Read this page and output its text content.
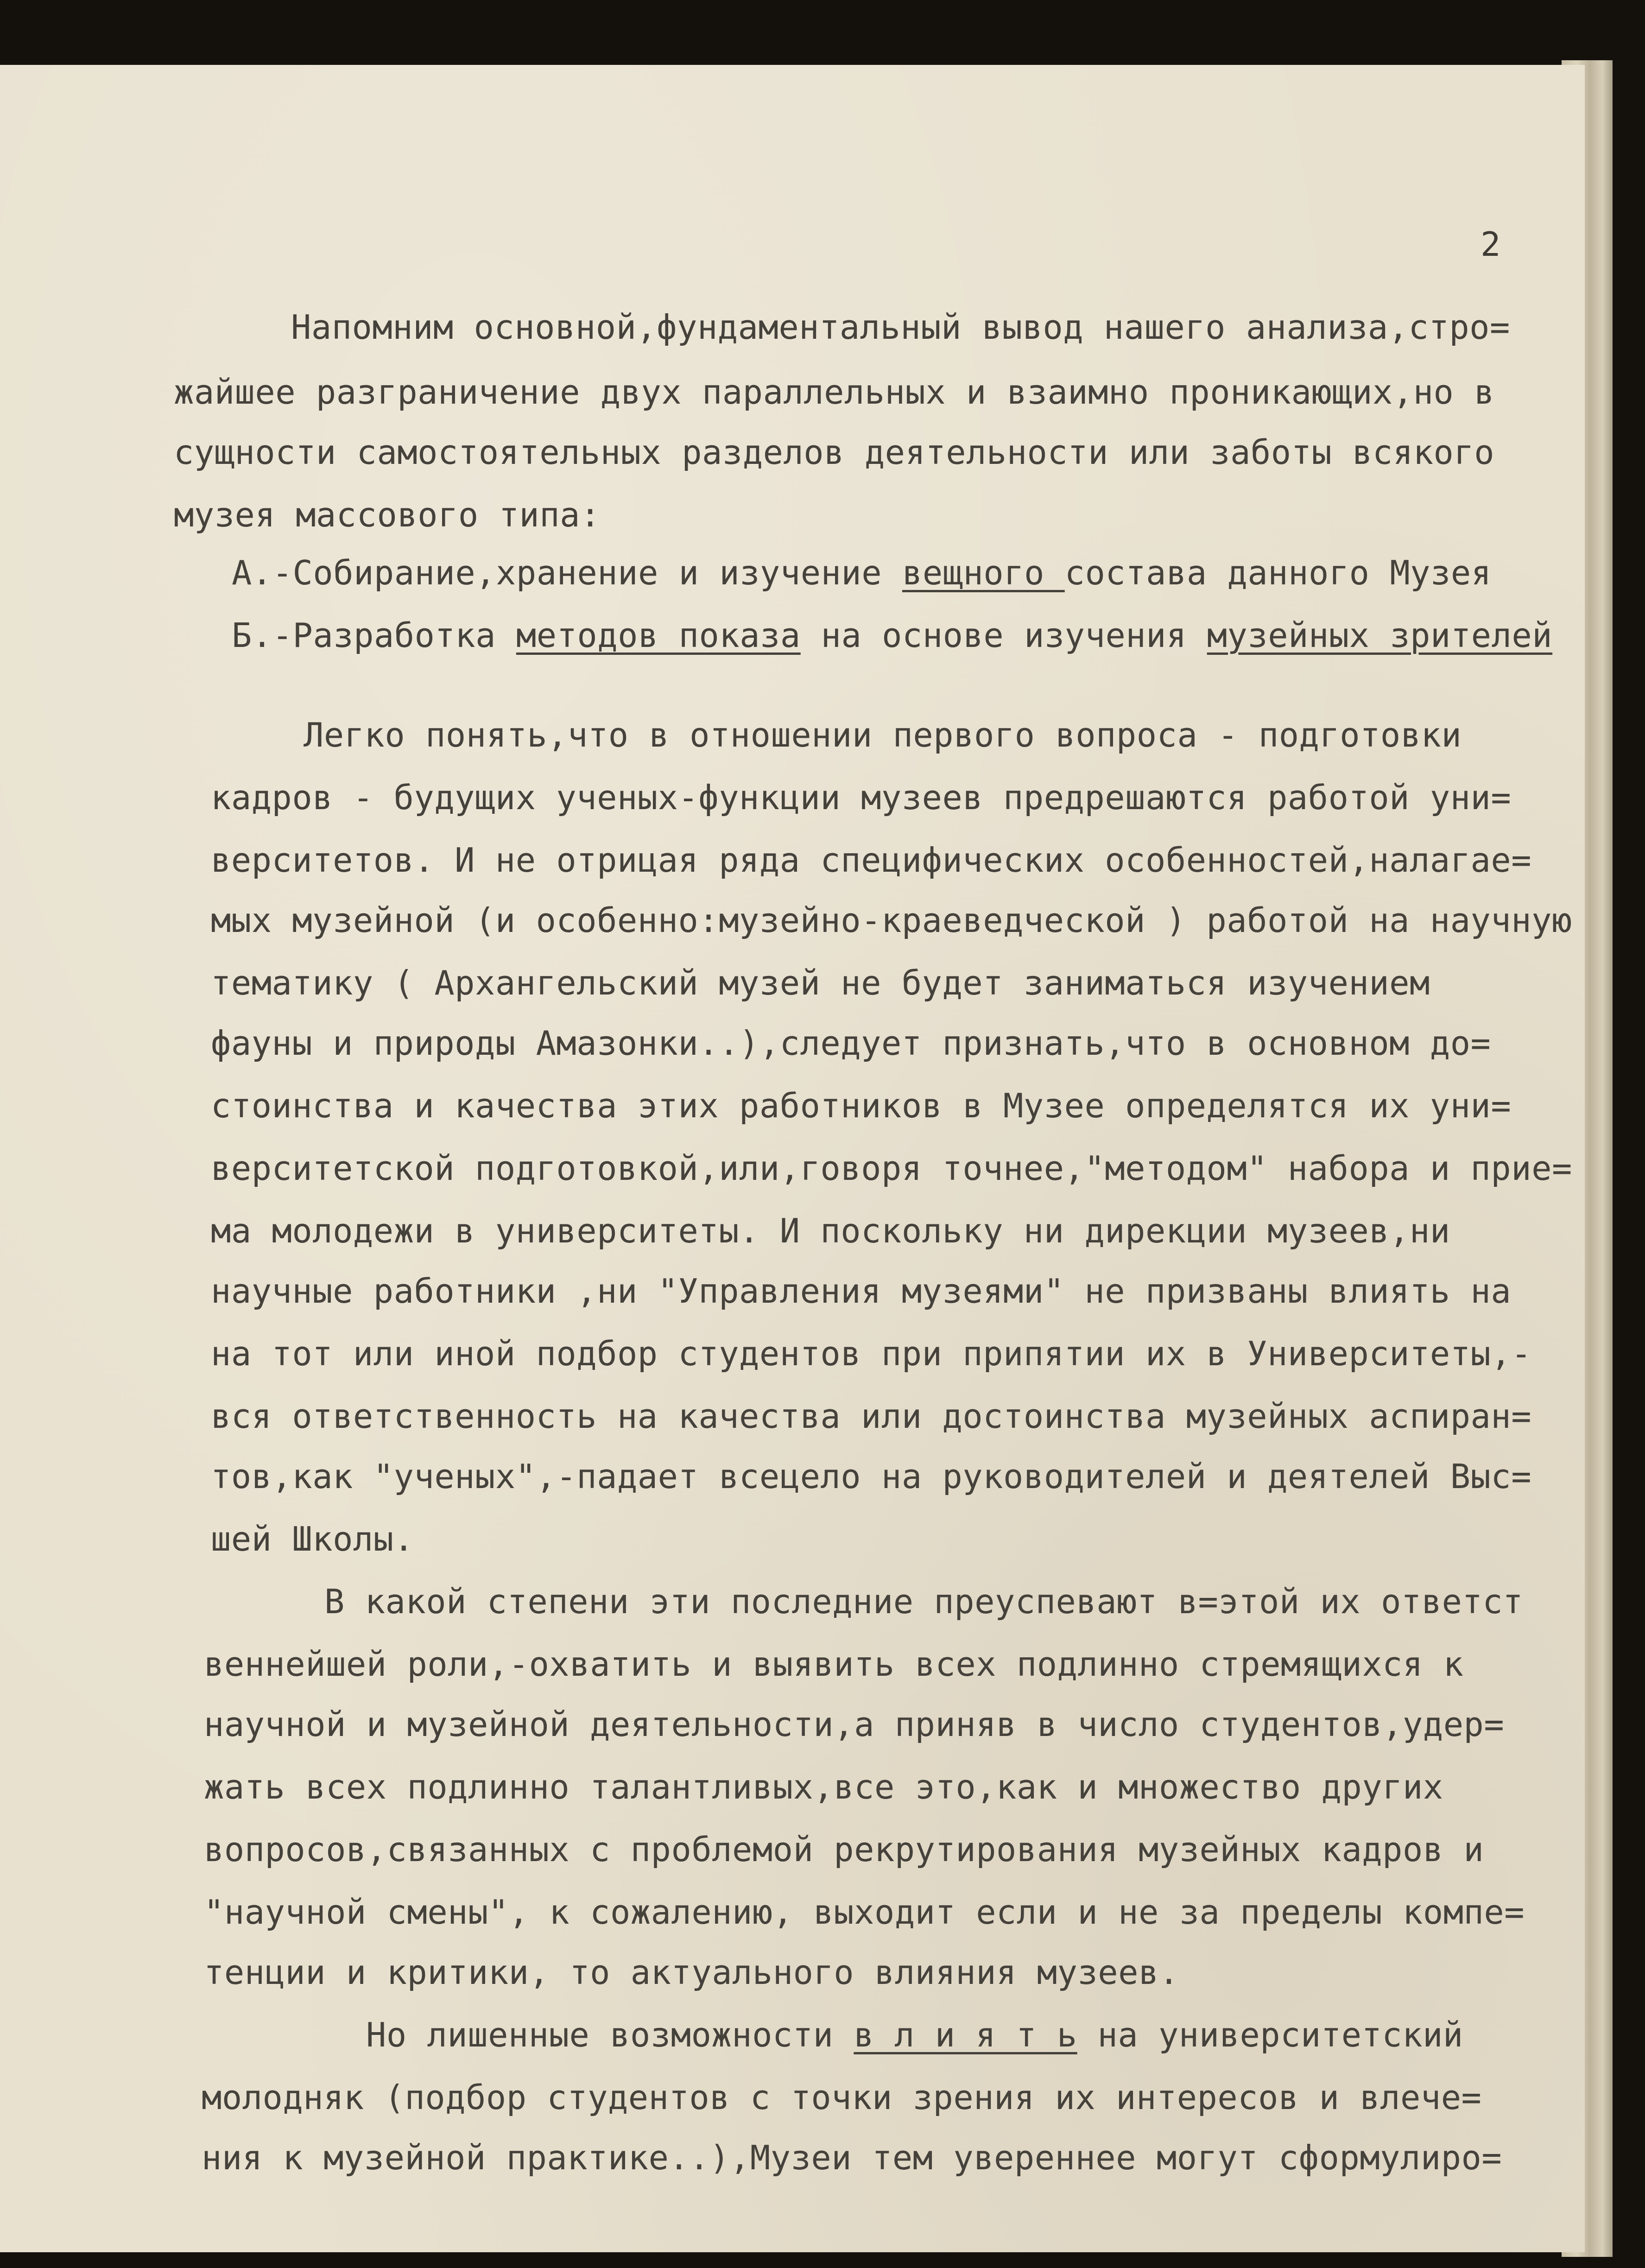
2
Напомним основной,фундаментальный вывод нашего анализа,стро=
жайшее разграничение двух параллельных и взаимно проникающих,но в
сущности самостоятельных разделов деятельности или заботы всякого
музея массового типа:
А.-Собирание,хранение и изучение вещного состава данного Музея
Б.-Разработка методов показа на основе изучения музейных зрителей
Легко понять,что в отношении первого вопроса - подготовки
кадров - будущих ученых-функции музеев предрешаются работой уни=
верситетов. И не отрицая ряда специфических особенностей,налагае=
мых музейной (и особенно:музейно-краеведческой ) работой на научную
тематику ( Архангельский музей не будет заниматься изучением
фауны и природы Амазонки..),следует признать,что в основном до=
стоинства и качества этих работников в Музее определятся их уни=
верситетской подготовкой,или,говоря точнее,"методом" набора и прие=
ма молодежи в университеты. И поскольку ни дирекции музеев,ни
научные работники ,ни "Управления музеями" не призваны влиять на
на тот или иной подбор студентов при припятии их в Университеты,-
вся ответственность на качества или достоинства музейных аспиран=
тов,как "ученых",-падает всецело на руководителей и деятелей Выс=
шей Школы.
В какой степени эти последние преуспевают в=этой их ответст
веннейшей роли,-охватить и выявить всех подлинно стремящихся к
научной и музейной деятельности,а приняв в число студентов,удер=
жать всех подлинно талантливых,все это,как и множество других
вопросов,связанных с проблемой рекрутирования музейных кадров и
"научной смены", к сожалению, выходит если и не за пределы компе=
тенции и критики, то актуального влияния музеев.
Но лишенные возможности в л и я т ь на университетский
молодняк (подбор студентов с точки зрения их интересов и влече=
ния к музейной практике..),Музеи тем увереннее могут сформулиро=
